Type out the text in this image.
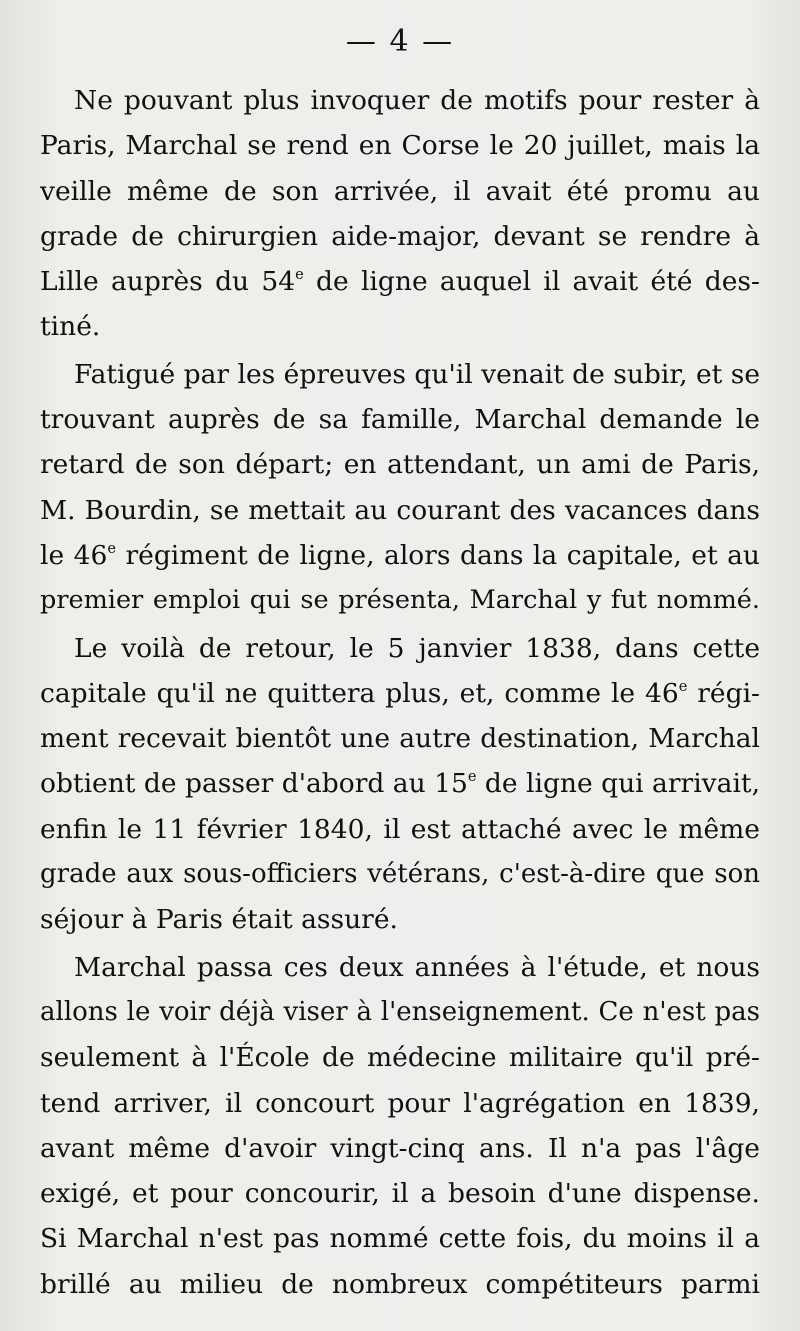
— 4 —
Ne pouvant plus invoquer de motifs pour rester à
Paris, Marchal se rend en Corse le 20 juillet, mais la
veille même de son arrivée, il avait été promu au
grade de chirurgien aide-major, devant se rendre à
Lille auprès du 54e de ligne auquel il avait été des-
tiné.
Fatigué par les épreuves qu'il venait de subir, et se
trouvant auprès de sa famille, Marchal demande le
retard de son départ; en attendant, un ami de Paris,
M. Bourdin, se mettait au courant des vacances dans
le 46e régiment de ligne, alors dans la capitale, et au
premier emploi qui se présenta, Marchal y fut nommé.
Le voilà de retour, le 5 janvier 1838, dans cette
capitale qu'il ne quittera plus, et, comme le 46e régi-
ment recevait bientôt une autre destination, Marchal
obtient de passer d'abord au 15e de ligne qui arrivait,
enfin le 11 février 1840, il est attaché avec le même
grade aux sous-officiers vétérans, c'est-à-dire que son
séjour à Paris était assuré.
Marchal passa ces deux années à l'étude, et nous
allons le voir déjà viser à l'enseignement. Ce n'est pas
seulement à l'École de médecine militaire qu'il pré-
tend arriver, il concourt pour l'agrégation en 1839,
avant même d'avoir vingt-cinq ans. Il n'a pas l'âge
exigé, et pour concourir, il a besoin d'une dispense.
Si Marchal n'est pas nommé cette fois, du moins il a
brillé au milieu de nombreux compétiteurs parmi
